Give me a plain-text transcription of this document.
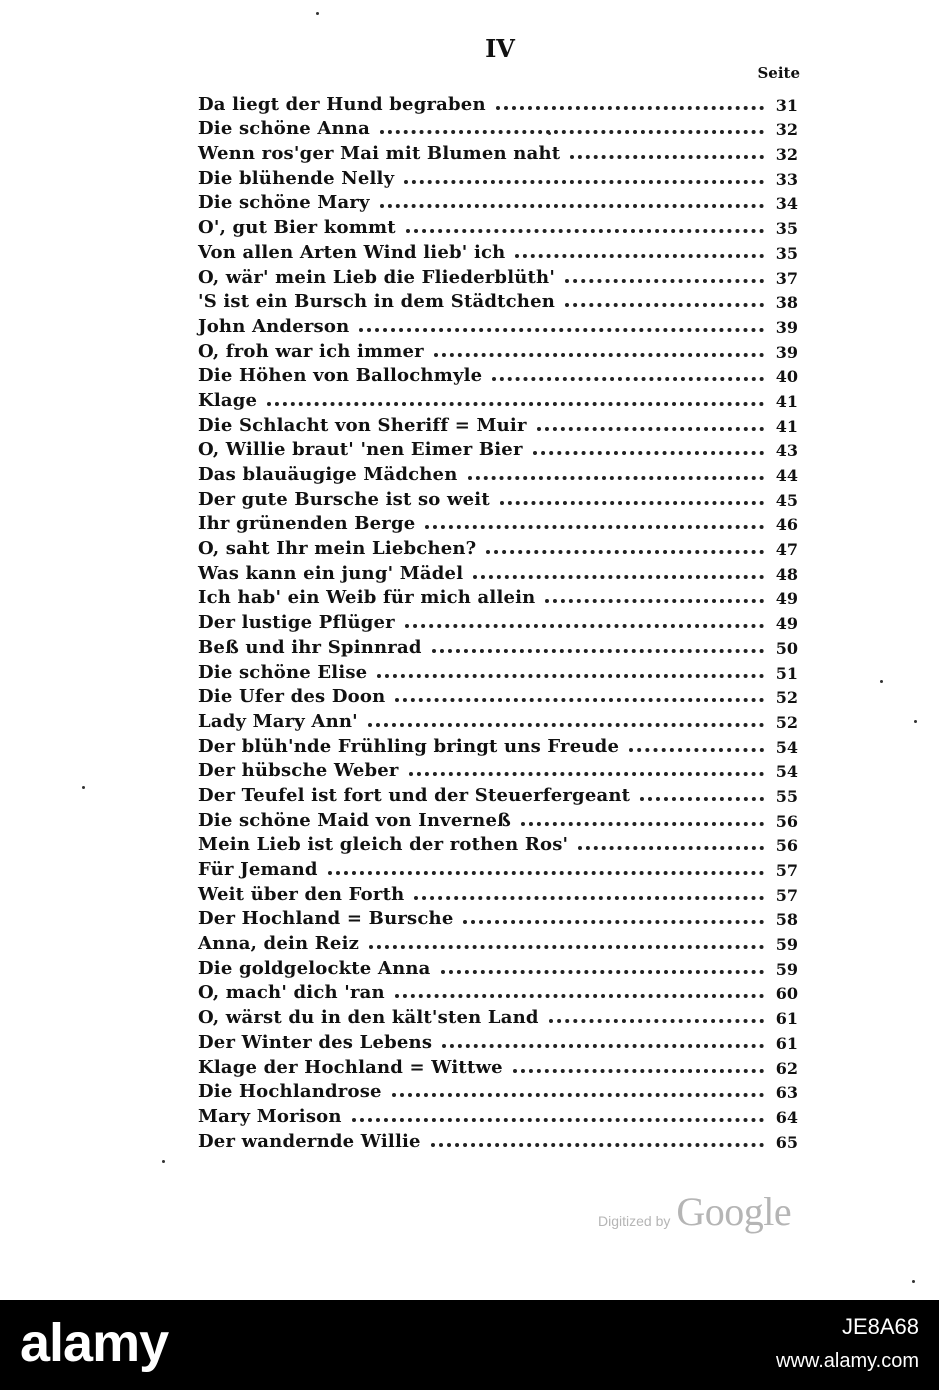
IV
Seite
Da liegt der Hund begraben	31
Die schöne Anna	32
Wenn ros'ger Mai mit Blumen naht	32
Die blühende Nelly	33
Die schöne Mary	34
O', gut Bier kommt	35
Von allen Arten Wind lieb' ich	35
O, wär' mein Lieb die Fliederblüth'	37
'S ist ein Bursch in dem Städtchen	38
John Anderson	39
O, froh war ich immer	39
Die Höhen von Ballochmyle	40
Klage	41
Die Schlacht von Sheriff = Muir	41
O, Willie braut' 'nen Eimer Bier	43
Das blauäugige Mädchen	44
Der gute Bursche ist so weit	45
Ihr grünenden Berge	46
O, saht Ihr mein Liebchen?	47
Was kann ein jung' Mädel	48
Ich hab' ein Weib für mich allein	49
Der lustige Pflüger	49
Beß und ihr Spinnrad	50
Die schöne Elise	51
Die Ufer des Doon	52
Lady Mary Ann'	52
Der blüh'nde Frühling bringt uns Freude	54
Der hübsche Weber	54
Der Teufel ist fort und der Steuerfergeant	55
Die schöne Maid von Inverneß	56
Mein Lieb ist gleich der rothen Ros'	56
Für Jemand	57
Weit über den Forth	57
Der Hochland = Bursche	58
Anna, dein Reiz	59
Die goldgelockte Anna	59
O, mach' dich 'ran	60
O, wärst du in den kält'sten Land	61
Der Winter des Lebens	61
Klage der Hochland = Wittwe	62
Die Hochlandrose	63
Mary Morison	64
Der wandernde Willie	65
Digitized by Google
alamy	JE8A68
www.alamy.com
